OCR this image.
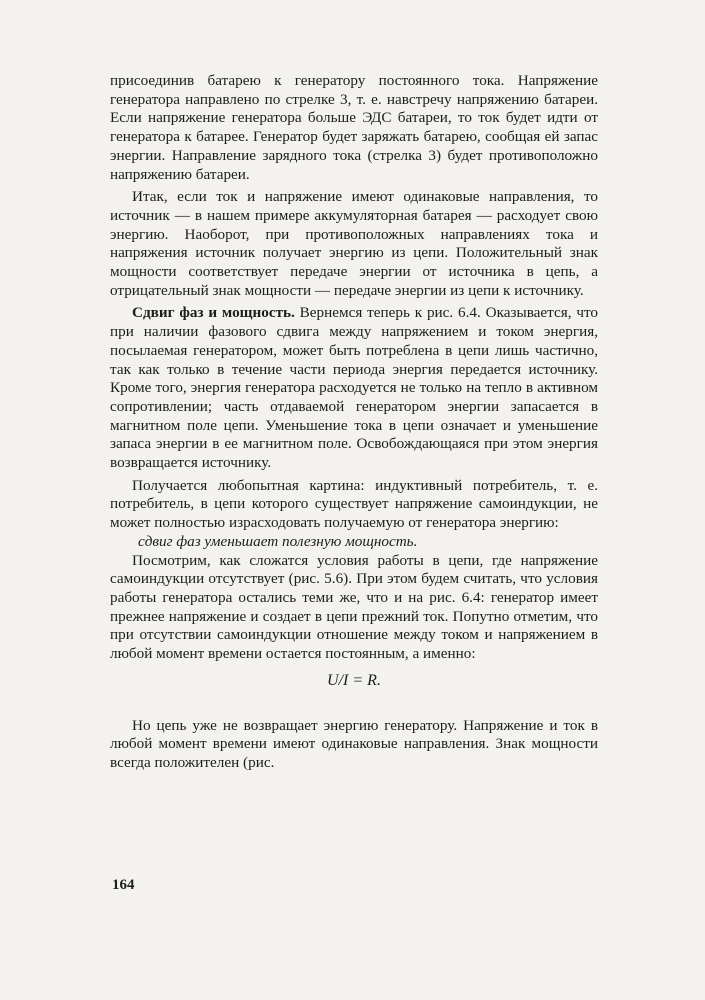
присоединив батарею к генератору постоянного тока. Напряжение генератора направлено по стрелке 3, т. е. навстречу напряжению батареи. Если напряжение генератора больше ЭДС батареи, то ток будет идти от генератора к батарее. Генератор будет заряжать батарею, сообщая ей запас энергии. Направление зарядного тока (стрелка 3) будет противоположно напряжению батареи.

Итак, если ток и напряжение имеют одинаковые направления, то источник — в нашем примере аккумуляторная батарея — расходует свою энергию. Наоборот, при противоположных направлениях тока и напряжения источник получает энергию из цепи. Положительный знак мощности соответствует передаче энергии от источника в цепь, а отрицательный знак мощности — передаче энергии из цепи к источнику.

Сдвиг фаз и мощность. Вернемся теперь к рис. 6.4. Оказывается, что при наличии фазового сдвига между напряжением и током энергия, посылаемая генератором, может быть потреблена в цепи лишь частично, так как только в течение части периода энергия передается источнику. Кроме того, энергия генератора расходуется не только на тепло в активном сопротивлении; часть отдаваемой генератором энергии запасается в магнитном поле цепи. Уменьшение тока в цепи означает и уменьшение запаса энергии в ее магнитном поле. Освобождающаяся при этом энергия возвращается источнику.

Получается любопытная картина: индуктивный потребитель, т. е. потребитель, в цепи которого существует напряжение самоиндукции, не может полностью израсходовать получаемую от генератора энергию:

сдвиг фаз уменьшает полезную мощность.

Посмотрим, как сложатся условия работы в цепи, где напряжение самоиндукции отсутствует (рис. 5.6). При этом будем считать, что условия работы генератора остались теми же, что и на рис. 6.4: генератор имеет прежнее напряжение и создает в цепи прежний ток. Попутно отметим, что при отсутствии самоиндукции отношение между током и напряжением в любой момент времени остается постоянным, а именно:

U/I = R.

Но цепь уже не возвращает энергию генератору. Напряжение и ток в любой момент времени имеют одинаковые направления. Знак мощности всегда положителен (рис.

164
